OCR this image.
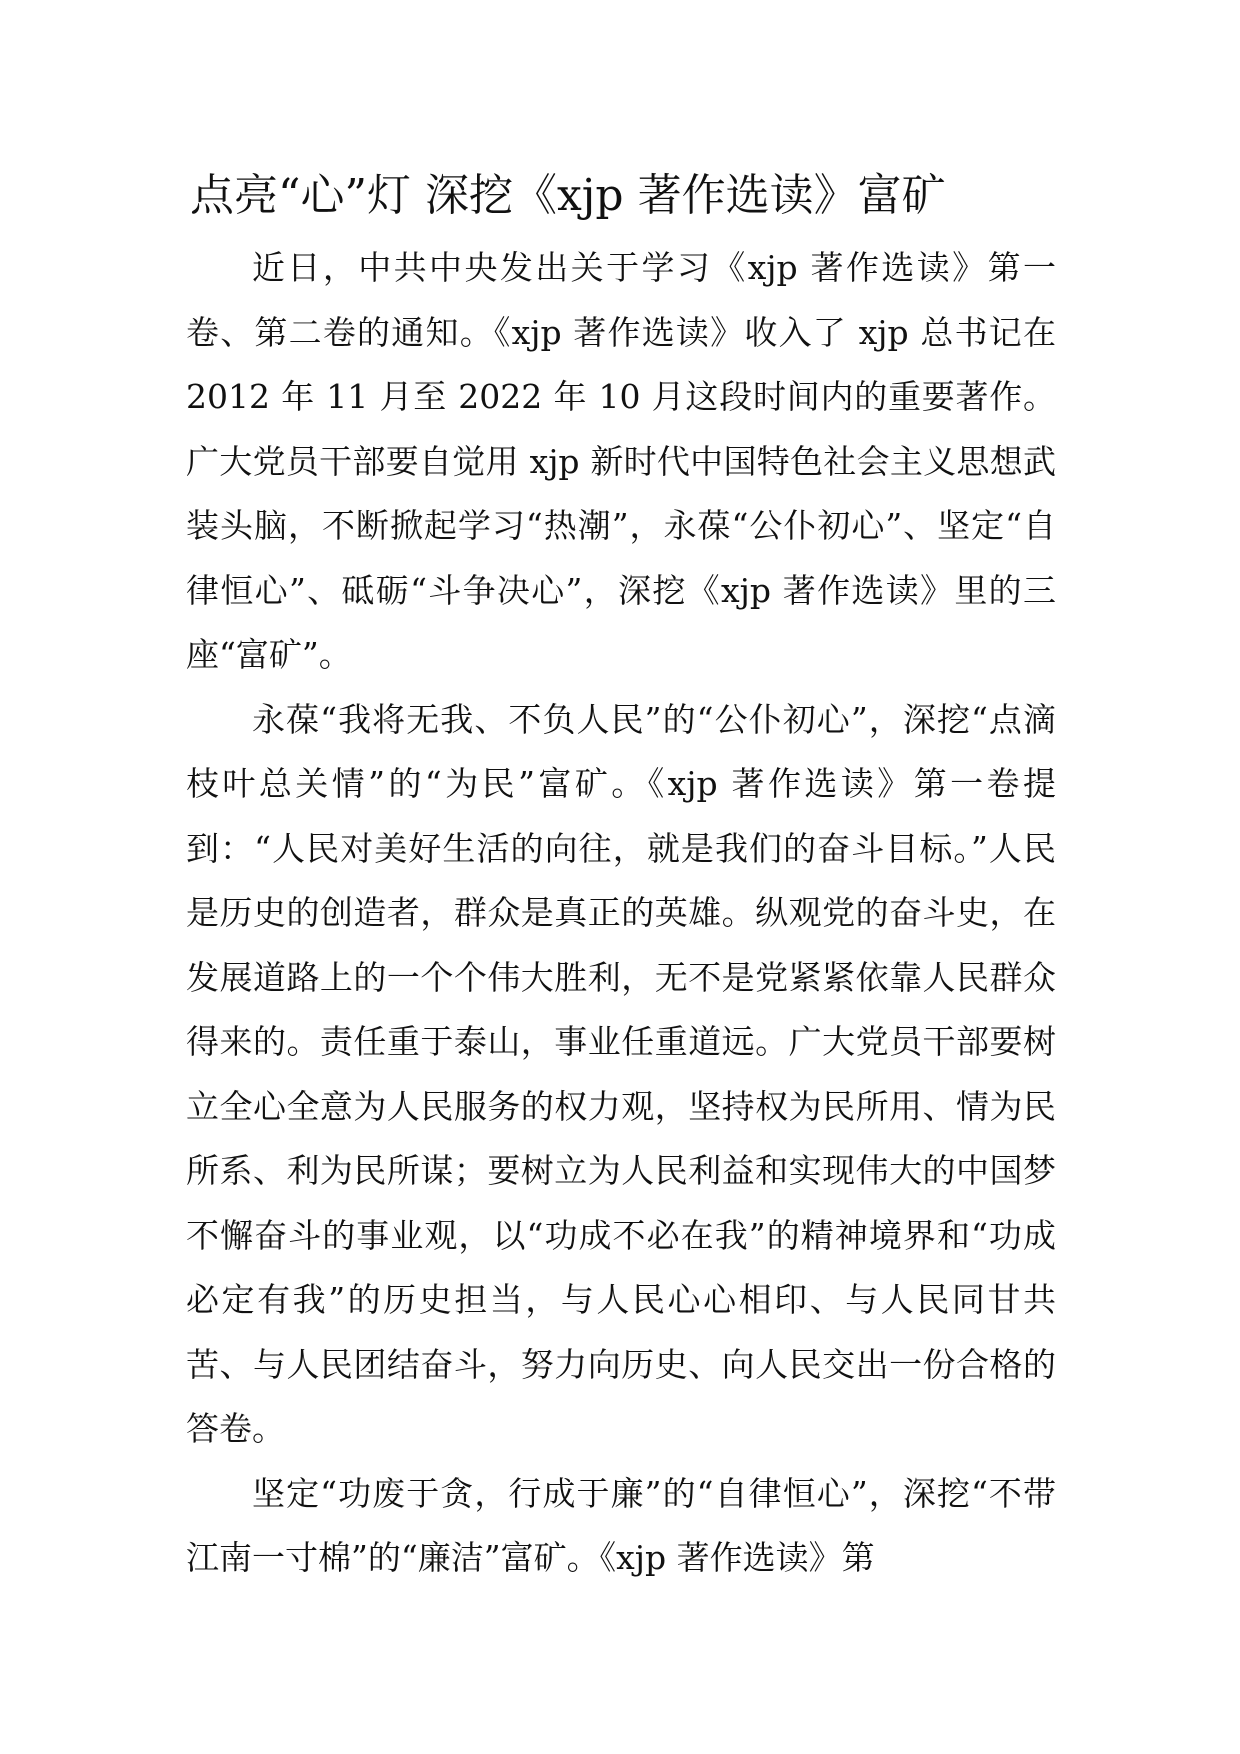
点亮“心”灯 深挖《xjp 著作选读》富矿

近日，中共中央发出关于学习《xjp 著作选读》第一卷、第二卷的通知。《xjp 著作选读》收入了 xjp 总书记在 2012 年 11 月至 2022 年 10 月这段时间内的重要著作。广大党员干部要自觉用 xjp 新时代中国特色社会主义思想武装头脑，不断掀起学习“热潮”，永葆“公仆初心”、坚定“自律恒心”、砥砺“斗争决心”，深挖《xjp 著作选读》里的三座“富矿”。

永葆“我将无我、不负人民”的“公仆初心”，深挖“点滴枝叶总关情”的“为民”富矿。《xjp 著作选读》第一卷提到：“人民对美好生活的向往，就是我们的奋斗目标。”人民是历史的创造者，群众是真正的英雄。纵观党的奋斗史，在发展道路上的一个个伟大胜利，无不是党紧紧依靠人民群众得来的。责任重于泰山，事业任重道远。广大党员干部要树立全心全意为人民服务的权力观，坚持权为民所用、情为民所系、利为民所谋；要树立为人民利益和实现伟大的中国梦不懈奋斗的事业观，以“功成不必在我”的精神境界和“功成必定有我”的历史担当，与人民心心相印、与人民同甘共苦、与人民团结奋斗，努力向历史、向人民交出一份合格的答卷。

坚定“功废于贪，行成于廉”的“自律恒心”，深挖“不带江南一寸棉”的“廉洁”富矿。《xjp 著作选读》第
